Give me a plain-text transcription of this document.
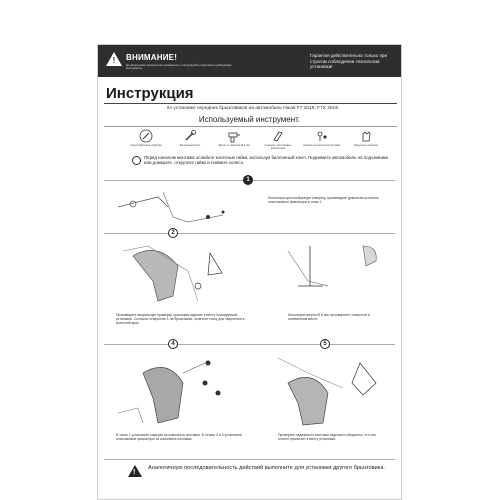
! ВНИМАНИЕ!
До начала работ внимательно ознакомьтесь с инструкцией и подготовьте необходимые инструменты.
Гарантия действительна только при строгом соблюдении технологии установки!
Инструкция
по установке передних брызговиков на автомобиль Haval F7 2019, F7X 2019.
Используемый инструмент.
Крестообразная отвёртка	Баллонный ключ	Дрель со сверлом Ø 6 мм	Съёмник пластиковых фиксаторов
Крепёж из комплекта поставки	Защитные перчатки
Перед началом монтажа ослабьте колесные гайки, используя баллонный ключ. Поднимите автомобиль на подъемнике или домкрате, открутите гайки и снимите колесо.
1
Используя крестообразную отвертку, произведите демонтаж штатного пластикового фиксатора в точке 1.
2
Произведите визуальную примерку, приложив изделие к месту планируемой установки. Согласно отверстию 1 на брызговике, отметьте точку для сверления в колесной арке.
Используя сверло Ø 6 мм, просверлите отверстие в отмеченном месте.
4	5
В точке 1 установите саморез из комплекта поставки. В точках 2 и 3 установите пластиковые фиксаторы из комплекта поставки.
Проверьте надежность монтажа изделия и убедитесь, что оно плотно прилегает к месту установки.
!
Аналогичную последовательность действий выполните для установки другого брызговика.
